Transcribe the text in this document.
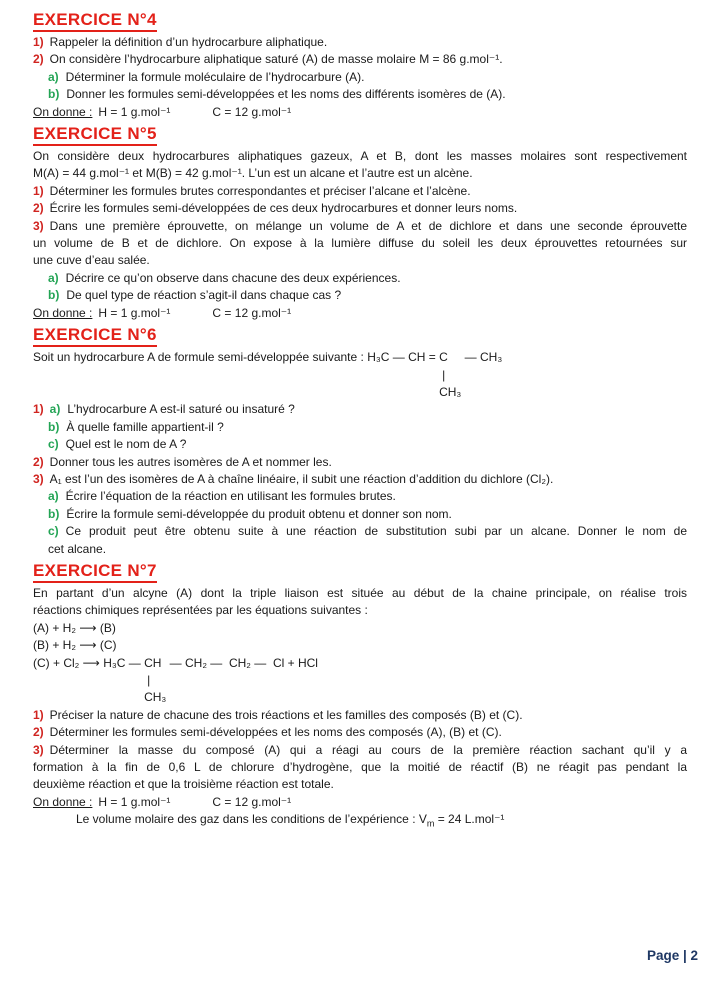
EXERCICE N°4
1) Rappeler la définition d’un hydrocarbure aliphatique.
2) On considère l’hydrocarbure aliphatique saturé (A) de masse molaire M = 86 g.mol⁻¹.
a) Déterminer la formule moléculaire de l’hydrocarbure (A).
b) Donner les formules semi-développées et les noms des différents isomères de (A).
On donne : H = 1 g.mol⁻¹	C = 12 g.mol⁻¹
EXERCICE N°5
On considère deux hydrocarbures aliphatiques gazeux, A et B, dont les masses molaires sont respectivement
M(A) = 44 g.mol⁻¹ et M(B) = 42 g.mol⁻¹. L’un est un alcane et l’autre est un alcène.
1) Déterminer les formules brutes correspondantes et préciser l’alcane et l’alcène.
2) Écrire les formules semi-développées de ces deux hydrocarbures et donner leurs noms.
3) Dans une première éprouvette, on mélange un volume de A et de dichlore et dans une seconde éprouvette
un volume de B et de dichlore. On expose à la lumière diffuse du soleil les deux éprouvettes retournées sur
une cuve d’eau salée.
a) Décrire ce qu’on observe dans chacune des deux expériences.
b) De quel type de réaction s’agit-il dans chaque cas ?
On donne : H = 1 g.mol⁻¹	C = 12 g.mol⁻¹
EXERCICE N°6
Soit un hydrocarbure A de formule semi-développée suivante : H₃C — CH = C
|
CH₃
— CH₃
1) a) L’hydrocarbure A est-il saturé ou insaturé ?
b) À quelle famille appartient-il ?
c) Quel est le nom de A ?
2) Donner tous les autres isomères de A et nommer les.
3) A₁ est l’un des isomères de A à chaîne linéaire, il subit une réaction d’addition du dichlore (Cl₂).
a) Écrire l’équation de la réaction en utilisant les formules brutes.
b) Écrire la formule semi-développée du produit obtenu et donner son nom.
c) Ce produit peut être obtenu suite à une réaction de substitution subi par un alcane. Donner le nom de
cet alcane.
EXERCICE N°7
En partant d’un alcyne (A) dont la triple liaison est située au début de la chaine principale, on réalise trois
réactions chimiques représentées par les équations suivantes :
(A) + H₂ ⟶ (B)
(B) + H₂ ⟶ (C)
(C) + Cl₂ ⟶ H₃C — CH
|
CH₃
— CH₂ —  CH₂ —  Cl + HCl
1) Préciser la nature de chacune des trois réactions et les familles des composés (B) et (C).
2) Déterminer les formules semi-développées et les noms des composés (A), (B) et (C).
3) Déterminer la masse du composé (A) qui a réagi au cours de la première réaction sachant qu’il y a
formation à la fin de 0,6 L de chlorure d’hydrogène, que la moitié de réactif (B) ne réagit pas pendant la
deuxième réaction et que la troisième réaction est totale.
On donne : H = 1 g.mol⁻¹	C = 12 g.mol⁻¹
Le volume molaire des gaz dans les conditions de l’expérience : $V_m = 24$ L.mol⁻¹
Page | 2
